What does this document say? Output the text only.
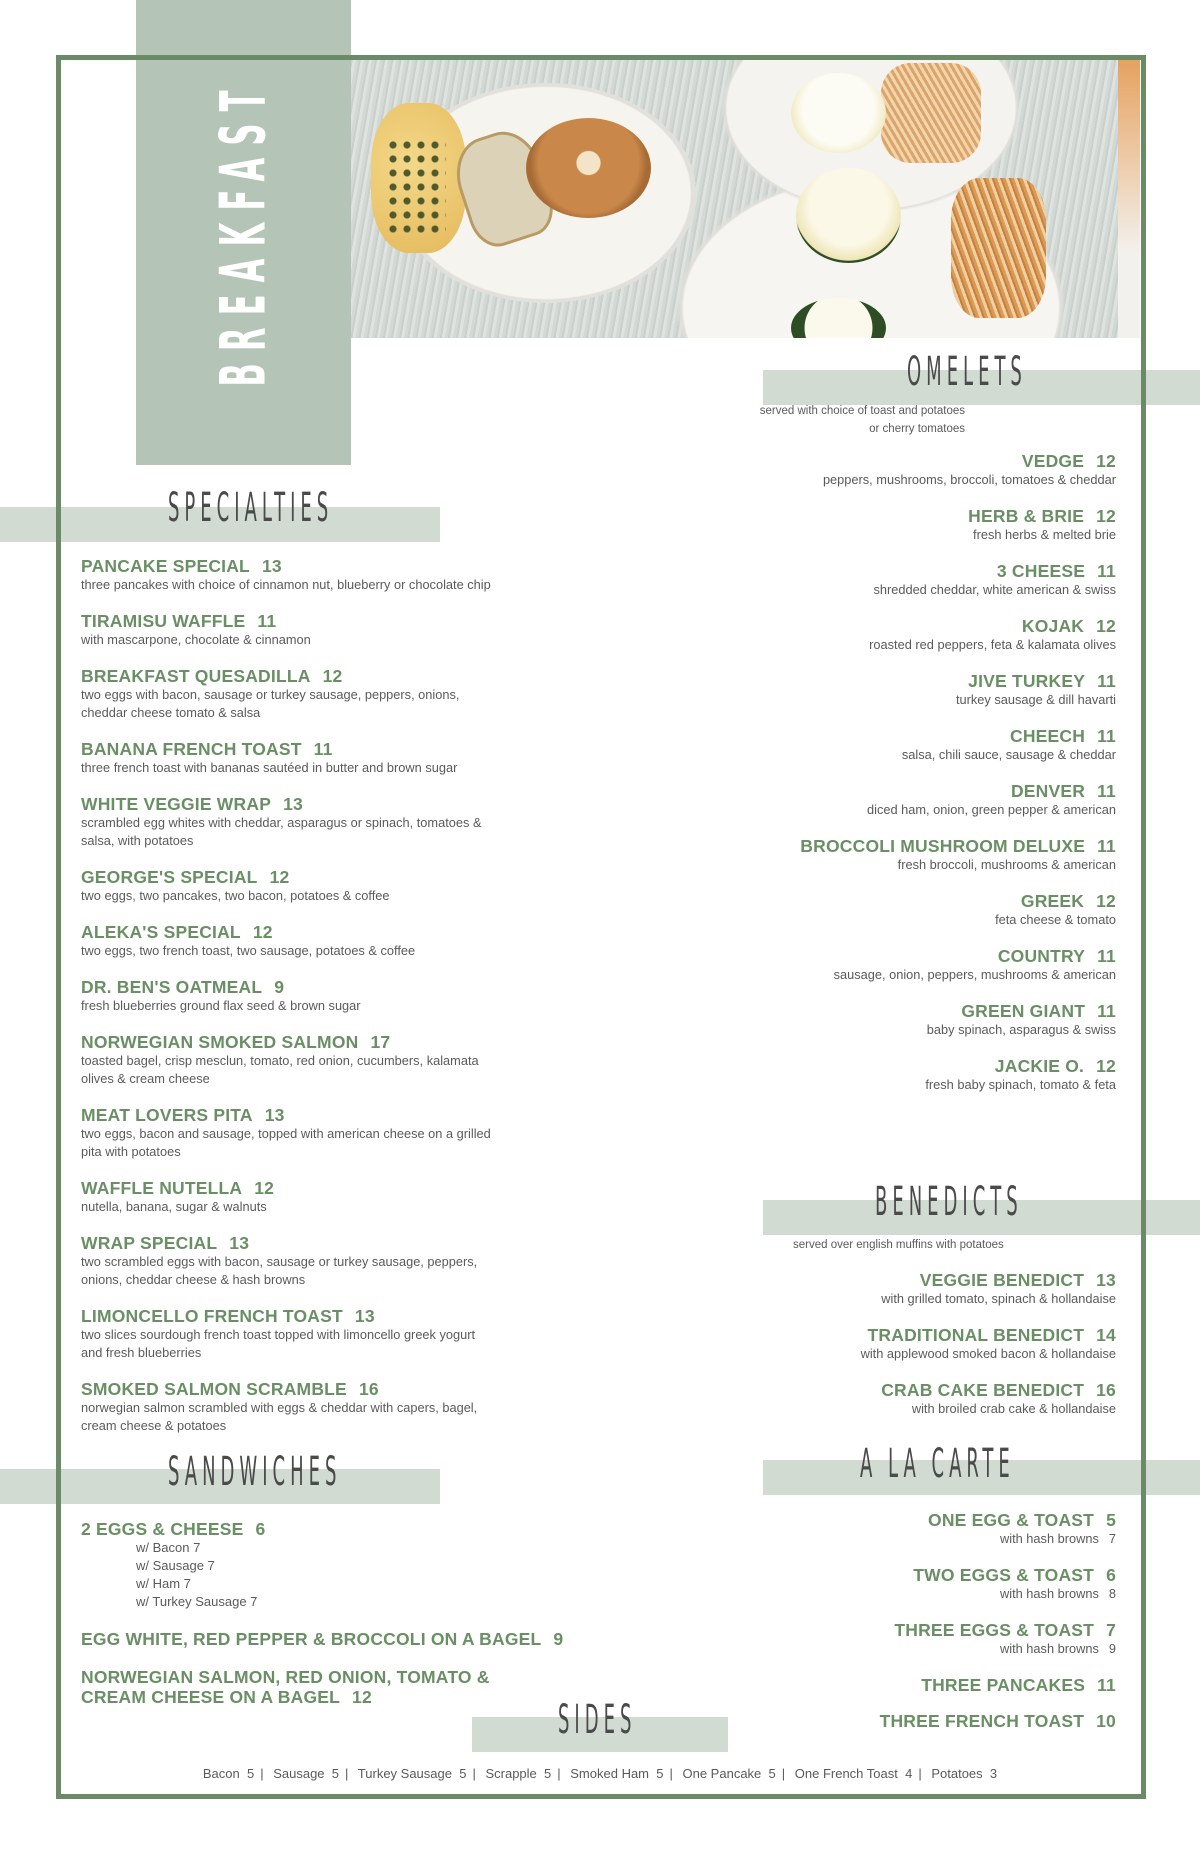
BREAKFAST
SPECIALTIES
OMELETS
BENEDICTS
A LA CARTE
SANDWICHES
SIDES
PANCAKE SPECIAL 13
three pancakes with choice of cinnamon nut, blueberry or chocolate chip
TIRAMISU WAFFLE 11
with mascarpone, chocolate & cinnamon
BREAKFAST QUESADILLA 12
two eggs with bacon, sausage or turkey sausage, peppers, onions,
cheddar cheese tomato & salsa
BANANA FRENCH TOAST 11
three french toast with bananas sautéed in butter and brown sugar
WHITE VEGGIE WRAP 13
scrambled egg whites with cheddar, asparagus or spinach, tomatoes &
salsa, with potatoes
GEORGE'S SPECIAL 12
two eggs, two pancakes, two bacon, potatoes & coffee
ALEKA'S SPECIAL 12
two eggs, two french toast, two sausage, potatoes & coffee
DR. BEN'S OATMEAL 9
fresh blueberries ground flax seed & brown sugar
NORWEGIAN SMOKED SALMON 17
toasted bagel, crisp mesclun, tomato, red onion, cucumbers, kalamata
olives & cream cheese
MEAT LOVERS PITA 13
two eggs, bacon and sausage, topped with american cheese on a grilled
pita with potatoes
WAFFLE NUTELLA 12
nutella, banana, sugar & walnuts
WRAP SPECIAL 13
two scrambled eggs with bacon, sausage or turkey sausage, peppers,
onions, cheddar cheese & hash browns
LIMONCELLO FRENCH TOAST 13
two slices sourdough french toast topped with limoncello greek yogurt
and fresh blueberries
SMOKED SALMON SCRAMBLE 16
norwegian salmon scrambled with eggs & cheddar with capers, bagel,
cream cheese & potatoes
2 EGGS & CHEESE 6
w/ Bacon 7
w/ Sausage 7
w/ Ham 7
w/ Turkey Sausage 7
EGG WHITE, RED PEPPER & BROCCOLI ON A BAGEL 9
NORWEGIAN SALMON, RED ONION, TOMATO &
CREAM CHEESE ON A BAGEL 12
served with choice of toast and potatoes
or cherry tomatoes
VEDGE 12
peppers, mushrooms, broccoli, tomatoes & cheddar
HERB & BRIE 12
fresh herbs & melted brie
3 CHEESE 11
shredded cheddar, white american & swiss
KOJAK 12
roasted red peppers, feta & kalamata olives
JIVE TURKEY 11
turkey sausage & dill havarti
CHEECH 11
salsa, chili sauce, sausage & cheddar
DENVER 11
diced ham, onion, green pepper & american
BROCCOLI MUSHROOM DELUXE 11
fresh broccoli, mushrooms & american
GREEK 12
feta cheese & tomato
COUNTRY 11
sausage, onion, peppers, mushrooms & american
GREEN GIANT 11
baby spinach, asparagus & swiss
JACKIE O. 12
fresh baby spinach, tomato & feta
served over english muffins with potatoes
VEGGIE BENEDICT 13
with grilled tomato, spinach & hollandaise
TRADITIONAL BENEDICT 14
with applewood smoked bacon & hollandaise
CRAB CAKE BENEDICT 16
with broiled crab cake & hollandaise
ONE EGG & TOAST 5
with hash browns 7
TWO EGGS & TOAST 6
with hash browns 8
THREE EGGS & TOAST 7
with hash browns 9
THREE PANCAKES 11
THREE FRENCH TOAST 10
Bacon 5 | Sausage 5 | Turkey Sausage 5 | Scrapple 5 | Smoked Ham 5 | One Pancake 5 | One French Toast 4 | Potatoes 3
